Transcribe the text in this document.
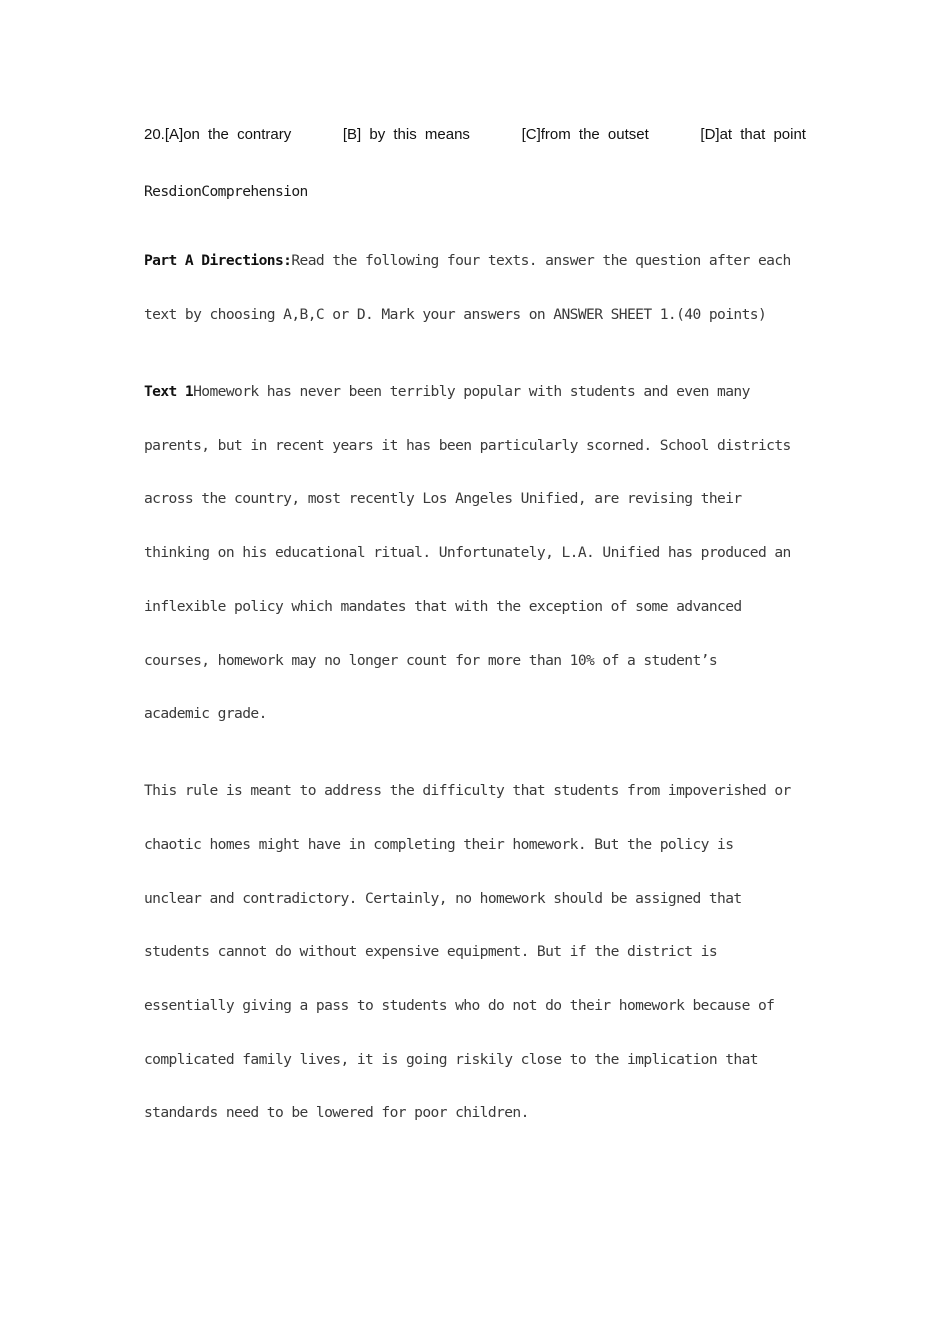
20.[A]on the contrary	[B] by this means	[C]from the outset	[D]at that point
ResdionComprehension
Part A Directions:Read the following four texts. answer the question after each
text by choosing A,B,C or D. Mark your answers on ANSWER SHEET 1.(40 points)
Text 1Homework has never been terribly popular with students and even many
parents, but in recent years it has been particularly scorned. School districts
across the country, most recently Los Angeles Unified, are revising their
thinking on his educational ritual. Unfortunately, L.A. Unified has produced an
inflexible policy which mandates that with the exception of some advanced
courses, homework may no longer count for more than 10% of a student’s
academic grade.
This rule is meant to address the difficulty that students from impoverished or
chaotic homes might have in completing their homework. But the policy is
unclear and contradictory. Certainly, no homework should be assigned that
students cannot do without expensive equipment. But if the district is
essentially giving a pass to students who do not do their homework because of
complicated family lives, it is going riskily close to the implication that
standards need to be lowered for poor children.
